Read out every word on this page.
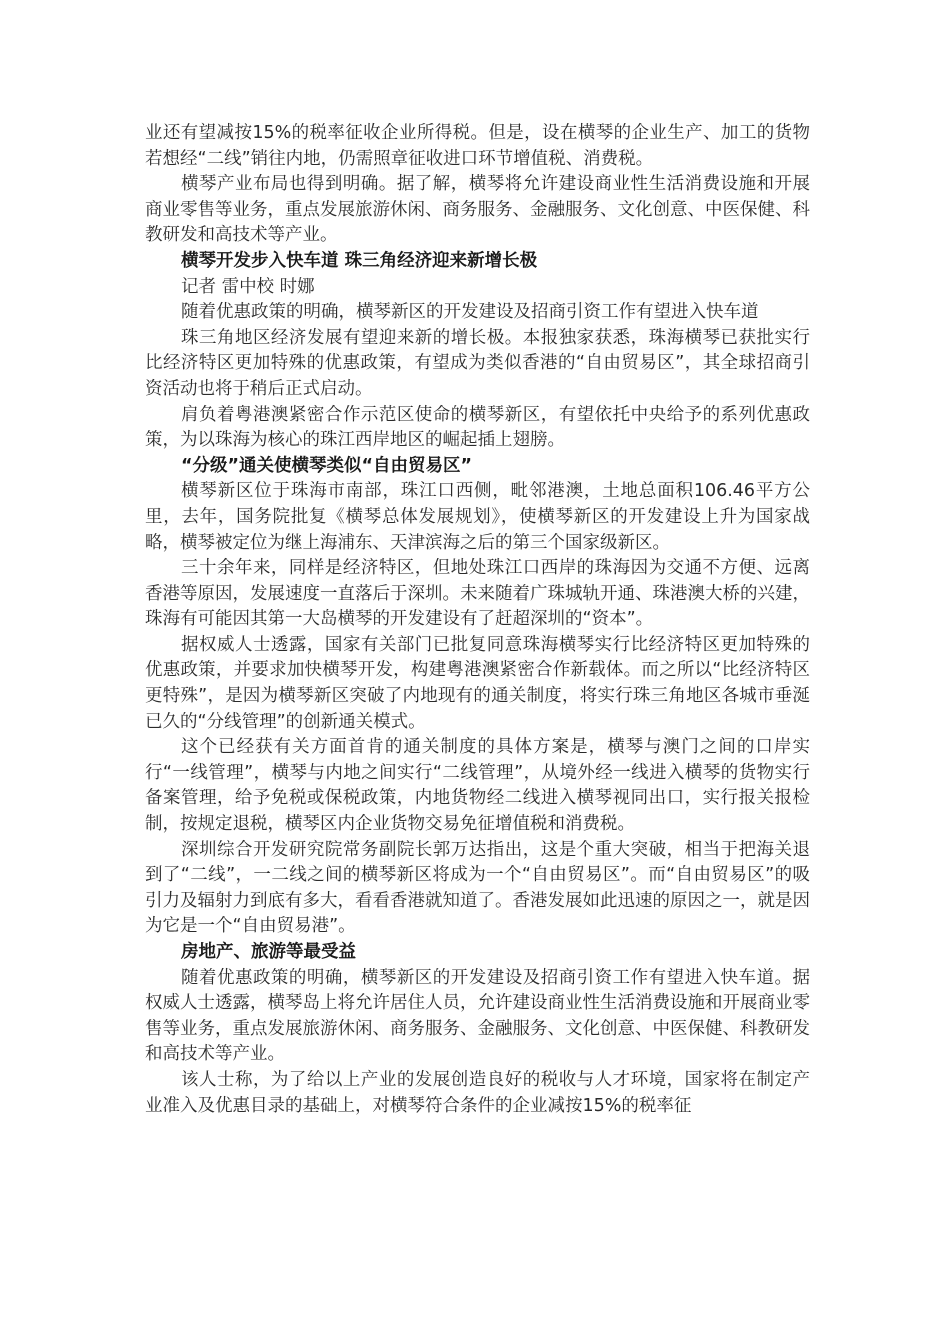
业还有望减按15%的税率征收企业所得税。但是，设在横琴的企业生产、加工的货物若想经“二线”销往内地，仍需照章征收进口环节增值税、消费税。

横琴产业布局也得到明确。据了解，横琴将允许建设商业性生活消费设施和开展商业零售等业务，重点发展旅游休闲、商务服务、金融服务、文化创意、中医保健、科教研发和高技术等产业。

横琴开发步入快车道 珠三角经济迎来新增长极

记者 雷中校 时娜

随着优惠政策的明确，横琴新区的开发建设及招商引资工作有望进入快车道

珠三角地区经济发展有望迎来新的增长极。本报独家获悉，珠海横琴已获批实行比经济特区更加特殊的优惠政策，有望成为类似香港的“自由贸易区”，其全球招商引资活动也将于稍后正式启动。

肩负着粤港澳紧密合作示范区使命的横琴新区，有望依托中央给予的系列优惠政策，为以珠海为核心的珠江西岸地区的崛起插上翅膀。

“分级”通关使横琴类似“自由贸易区”

横琴新区位于珠海市南部，珠江口西侧，毗邻港澳，土地总面积106.46平方公里，去年，国务院批复《横琴总体发展规划》，使横琴新区的开发建设上升为国家战略，横琴被定位为继上海浦东、天津滨海之后的第三个国家级新区。

三十余年来，同样是经济特区，但地处珠江口西岸的珠海因为交通不方便、远离香港等原因，发展速度一直落后于深圳。未来随着广珠城轨开通、珠港澳大桥的兴建，珠海有可能因其第一大岛横琴的开发建设有了赶超深圳的“资本”。

据权威人士透露，国家有关部门已批复同意珠海横琴实行比经济特区更加特殊的优惠政策，并要求加快横琴开发，构建粤港澳紧密合作新载体。而之所以“比经济特区更特殊”，是因为横琴新区突破了内地现有的通关制度，将实行珠三角地区各城市垂涎已久的“分线管理”的创新通关模式。

这个已经获有关方面首肯的通关制度的具体方案是，横琴与澳门之间的口岸实行“一线管理”，横琴与内地之间实行“二线管理”，从境外经一线进入横琴的货物实行备案管理，给予免税或保税政策，内地货物经二线进入横琴视同出口，实行报关报检制，按规定退税，横琴区内企业货物交易免征增值税和消费税。

深圳综合开发研究院常务副院长郭万达指出，这是个重大突破，相当于把海关退到了“二线”，一二线之间的横琴新区将成为一个“自由贸易区”。而“自由贸易区”的吸引力及辐射力到底有多大，看看香港就知道了。香港发展如此迅速的原因之一，就是因为它是一个“自由贸易港”。

房地产、旅游等最受益

随着优惠政策的明确，横琴新区的开发建设及招商引资工作有望进入快车道。据权威人士透露，横琴岛上将允许居住人员，允许建设商业性生活消费设施和开展商业零售等业务，重点发展旅游休闲、商务服务、金融服务、文化创意、中医保健、科教研发和高技术等产业。

该人士称，为了给以上产业的发展创造良好的税收与人才环境，国家将在制定产业准入及优惠目录的基础上，对横琴符合条件的企业减按15%的税率征
